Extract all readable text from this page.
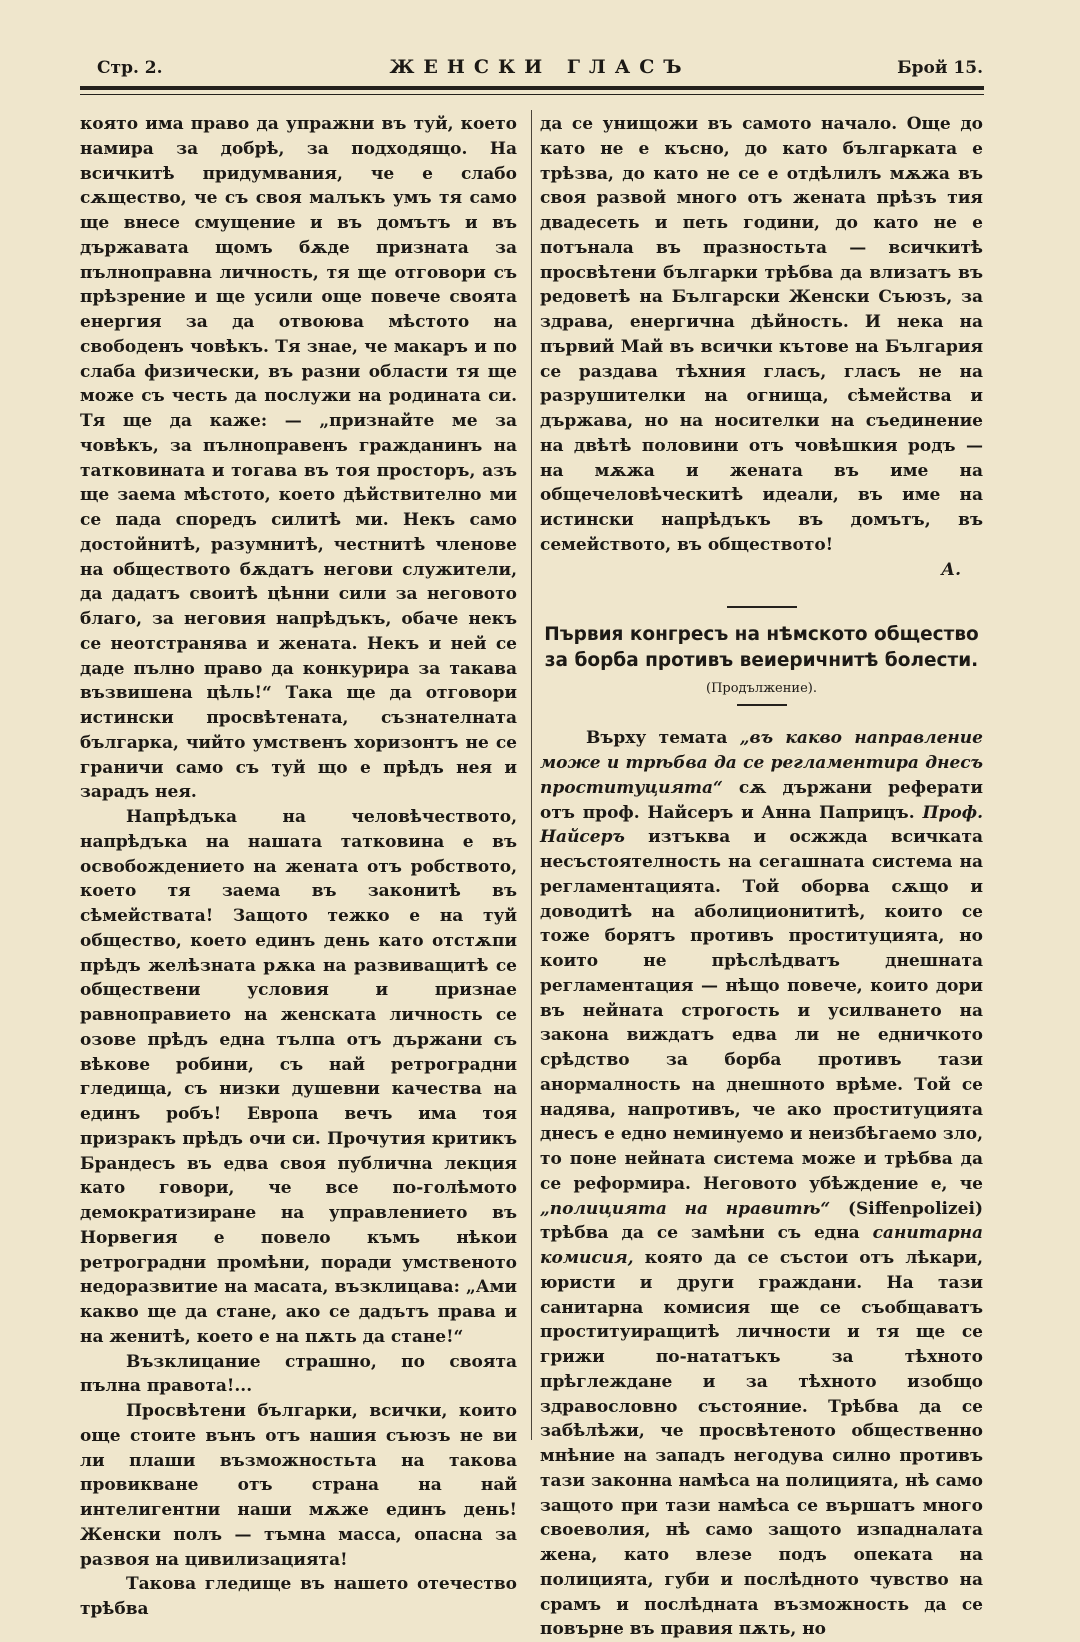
Стр. 2.	ЖЕНСКИ ГЛАСЪ	Брой 15.

която има право да упражни въ туй, което намира за добрѣ, за подходящо. На всичкитѣ придумвания, че е слабо сѫщество, че съ своя малъкъ умъ тя само ще внесе смущение и въ домътъ и въ държавата щомъ бѫде призната за пълноправна личность, тя ще отговори съ прѣзрение и ще усили още повече своята енергия за да отвоюва мѣстото на свободенъ човѣкъ. Тя знае, че макаръ и по слаба физически, въ разни области тя ще може съ честь да послужи на родината си. Тя ще да каже: — „признайте ме за човѣкъ, за пълноправенъ гражданинъ на татковината и тогава въ тоя просторъ, азъ ще заема мѣстото, което дѣйствително ми се пада споредъ силитѣ ми. Некъ само достойнитѣ, разумнитѣ, честнитѣ членове на обществото бѫдатъ негови служители, да дадатъ своитѣ цѣнни сили за неговото благо, за неговия напрѣдъкъ, обаче некъ се неотстранява и жената. Некъ и ней се даде пълно право да конкурира за такава възвишена цѣль!“ Така ще да отговори истински просвѣтената, съзнателната българка, чийто умственъ хоризонтъ не се граничи само съ туй що е прѣдъ нея и зарадъ нея.

Напрѣдъка на человѣчеството, напрѣдъка на нашата татковина е въ освобождението на жената отъ робството, което тя заема въ законитѣ въ сѣмействата! Защото тежко е на туй общество, което единъ день като отстѫпи прѣдъ желѣзната рѫка на развиващитѣ се обществени условия и признае равноправието на женската личность се озове прѣдъ една тълпа отъ държани съ вѣкове робини, съ най ретроградни гледища, съ низки душевни качества на единъ робъ! Европа вечъ има тоя призракъ прѣдъ очи си. Прочутия критикъ Брандесъ въ едва своя публична лекция като говори, че все по-голѣмото демократизиране на управлението въ Норвегия е повело къмъ нѣкои ретроградни промѣни, поради умственото недоразвитие на масата, възклицава: „Ами какво ще да стане, ако се дадътъ права и на женитѣ, което е на пѫть да стане!“

Възклицание страшно, по своята пълна правота!...

Просвѣтени българки, всички, които още стоите вънъ отъ нашия съюзъ не ви ли плаши възможностьта на такова провикване отъ страна на най интелигентни наши мѫже единъ день! Женски полъ — тъмна масса, опасна за развоя на цивилизацията!

Такова гледище въ нашето отечество трѣбва

да се унищожи въ самото начало. Още до като не е късно, до като българката е трѣзва, до като не се е отдѣлилъ мѫжа въ своя развой много отъ жената прѣзъ тия двадесеть и петь години, до като не е потънала въ празностьта — всичкитѣ просвѣтени българки трѣбва да влизатъ въ редоветѣ на Български Женски Съюзъ, за здрава, енергична дѣйность. И нека на първий Май въ всички кътове на България се раздава тѣхния гласъ, гласъ не на разрушителки на огнища, сѣмейства и държава, но на носителки на съединение на двѣтѣ половини отъ човѣшкия родъ — на мѫжа и жената въ име на общечеловѣческитѣ идеали, въ име на истински напрѣдъкъ въ домътъ, въ семейството, въ обществото!

А.
Първия конгресъ на нѣмското общество за борба противъ веиеричнитѣ болести.
(Продължение).

Върху темата „въ какво направление може и трѣбва да се регламентира днесъ проституцията“ сѫ държани реферати отъ проф. Найсеръ и Анна Паприцъ. Проф. Найсеръ изтъква и осжжда всичката несъстоятелность на сегашната система на регламентацията. Той оборва сѫщо и доводитѣ на аболиционититѣ, които се тоже борятъ противъ проституцията, но които не прѣслѣдватъ днешната регламентация — нѣщо повече, които дори въ нейната строгость и усилването на закона виждатъ едва ли не едничкото срѣдство за борба противъ тази анормалность на днешното врѣме. Той се надява, напротивъ, че ако проституцията днесъ е едно неминуемо и неизбѣгаемо зло, то поне нейната система може и трѣбва да се реформира. Неговото убѣждение е, че „полицията на нравитѣ“ (Siffenpolizei) трѣбва да се замѣни съ една санитарна комисия, която да се състои отъ лѣкари, юристи и други граждани. На тази санитарна комисия ще се съобщаватъ проституиращитѣ личности и тя ще се грижи по-нататъкъ за тѣхното прѣглеждане и за тѣхното изобщо здравословно състояние. Трѣбва да се забѣлѣжи, че просвѣтеното общественно мнѣние на западъ негодува силно противъ тази законна намѣса на полицията, нѣ само защото при тази намѣса се вършатъ много своеволия, нѣ само защото изпадналата жена, като влезе подъ опеката на полицията, губи и послѣдното чувство на срамъ и послѣдната възможность да се повърне въ правия пѫть, но
